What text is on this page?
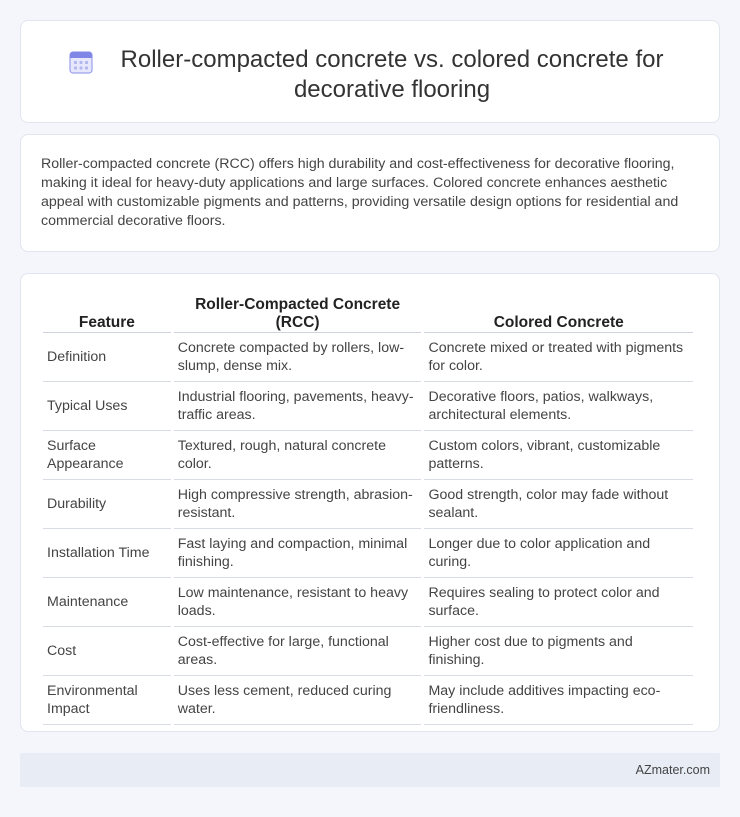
Roller-compacted concrete vs. colored concrete for decorative flooring

Roller-compacted concrete (RCC) offers high durability and cost-effectiveness for decorative flooring, making it ideal for heavy-duty applications and large surfaces. Colored concrete enhances aesthetic appeal with customizable pigments and patterns, providing versatile design options for residential and commercial decorative floors.

Feature	Roller-Compacted Concrete (RCC)	Colored Concrete
Definition	Concrete compacted by rollers, low-slump, dense mix.	Concrete mixed or treated with pigments for color.
Typical Uses	Industrial flooring, pavements, heavy-traffic areas.	Decorative floors, patios, walkways, architectural elements.
Surface Appearance	Textured, rough, natural concrete color.	Custom colors, vibrant, customizable patterns.
Durability	High compressive strength, abrasion-resistant.	Good strength, color may fade without sealant.
Installation Time	Fast laying and compaction, minimal finishing.	Longer due to color application and curing.
Maintenance	Low maintenance, resistant to heavy loads.	Requires sealing to protect color and surface.
Cost	Cost-effective for large, functional areas.	Higher cost due to pigments and finishing.
Environmental Impact	Uses less cement, reduced curing water.	May include additives impacting eco-friendliness.
AZmater.com
